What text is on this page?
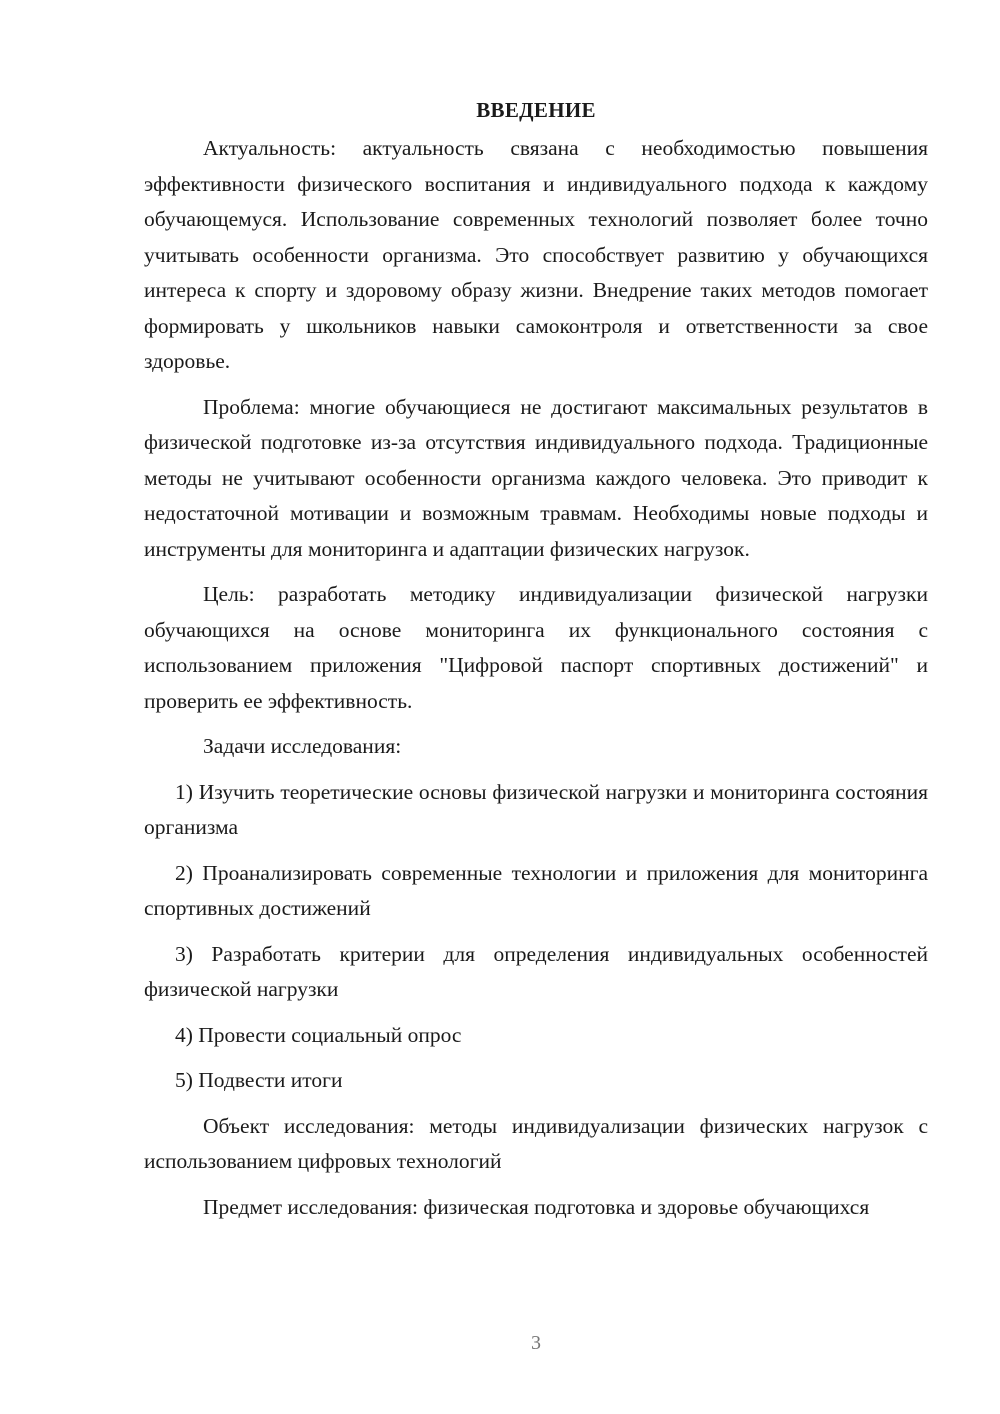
ВВЕДЕНИЕ

Актуальность: актуальность связана с необходимостью повышения эффективности физического воспитания и индивидуального подхода к каждому обучающемуся. Использование современных технологий позволяет более точно учитывать особенности организма. Это способствует развитию у обучающихся интереса к спорту и здоровому образу жизни. Внедрение таких методов помогает формировать у школьников навыки самоконтроля и ответственности за свое здоровье.

Проблема: многие обучающиеся не достигают максимальных результатов в физической подготовке из-за отсутствия индивидуального подхода. Традиционные методы не учитывают особенности организма каждого человека. Это приводит к недостаточной мотивации и возможным травмам. Необходимы новые подходы и инструменты для мониторинга и адаптации физических нагрузок.

Цель: разработать методику индивидуализации физической нагрузки обучающихся на основе мониторинга их функционального состояния с использованием приложения "Цифровой паспорт спортивных достижений" и проверить ее эффективность.

Задачи исследования:

1) Изучить теоретические основы физической нагрузки и мониторинга состояния организма

2) Проанализировать современные технологии и приложения для мониторинга спортивных достижений

3) Разработать критерии для определения индивидуальных особенностей физической нагрузки

4) Провести социальный опрос

5) Подвести итоги

Объект исследования: методы индивидуализации физических нагрузок с использованием цифровых технологий

Предмет исследования: физическая подготовка и здоровье обучающихся

3
